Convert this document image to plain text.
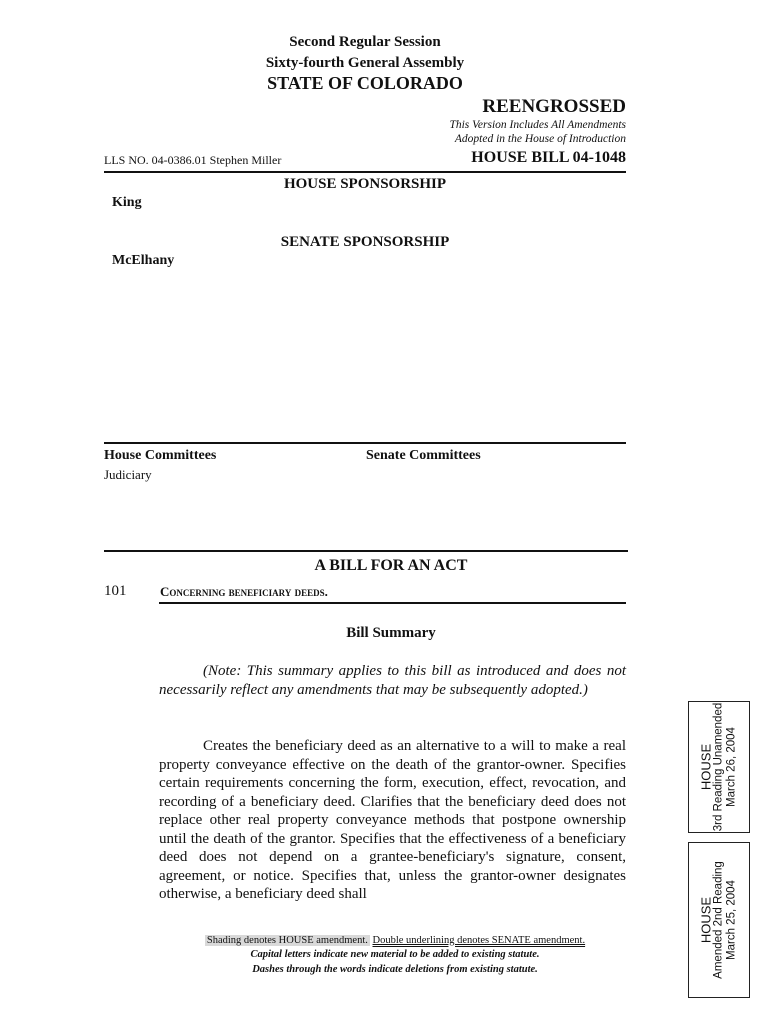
Second Regular Session
Sixty-fourth General Assembly
STATE OF COLORADO
REENGROSSED
This Version Includes All Amendments
Adopted in the House of Introduction
LLS NO. 04-0386.01 Stephen Miller	HOUSE BILL 04-1048
HOUSE SPONSORSHIP
King
SENATE SPONSORSHIP
McElhany
House Committees	Senate Committees
Judiciary
A BILL FOR AN ACT
101	Concerning beneficiary deeds.
Bill Summary
(Note: This summary applies to this bill as introduced and does not necessarily reflect any amendments that may be subsequently adopted.)
Creates the beneficiary deed as an alternative to a will to make a real property conveyance effective on the death of the grantor-owner. Specifies certain requirements concerning the form, execution, effect, revocation, and recording of a beneficiary deed. Clarifies that the beneficiary deed does not replace other real property conveyance methods that postpone ownership until the death of the grantor. Specifies that the effectiveness of a beneficiary deed does not depend on a grantee-beneficiary's signature, consent, agreement, or notice. Specifies that, unless the grantor-owner designates otherwise, a beneficiary deed shall
Shading denotes HOUSE amendment. Double underlining denotes SENATE amendment.
Capital letters indicate new material to be added to existing statute.
Dashes through the words indicate deletions from existing statute.
HOUSE 3rd Reading Unamended March 26, 2004
HOUSE Amended 2nd Reading March 25, 2004
